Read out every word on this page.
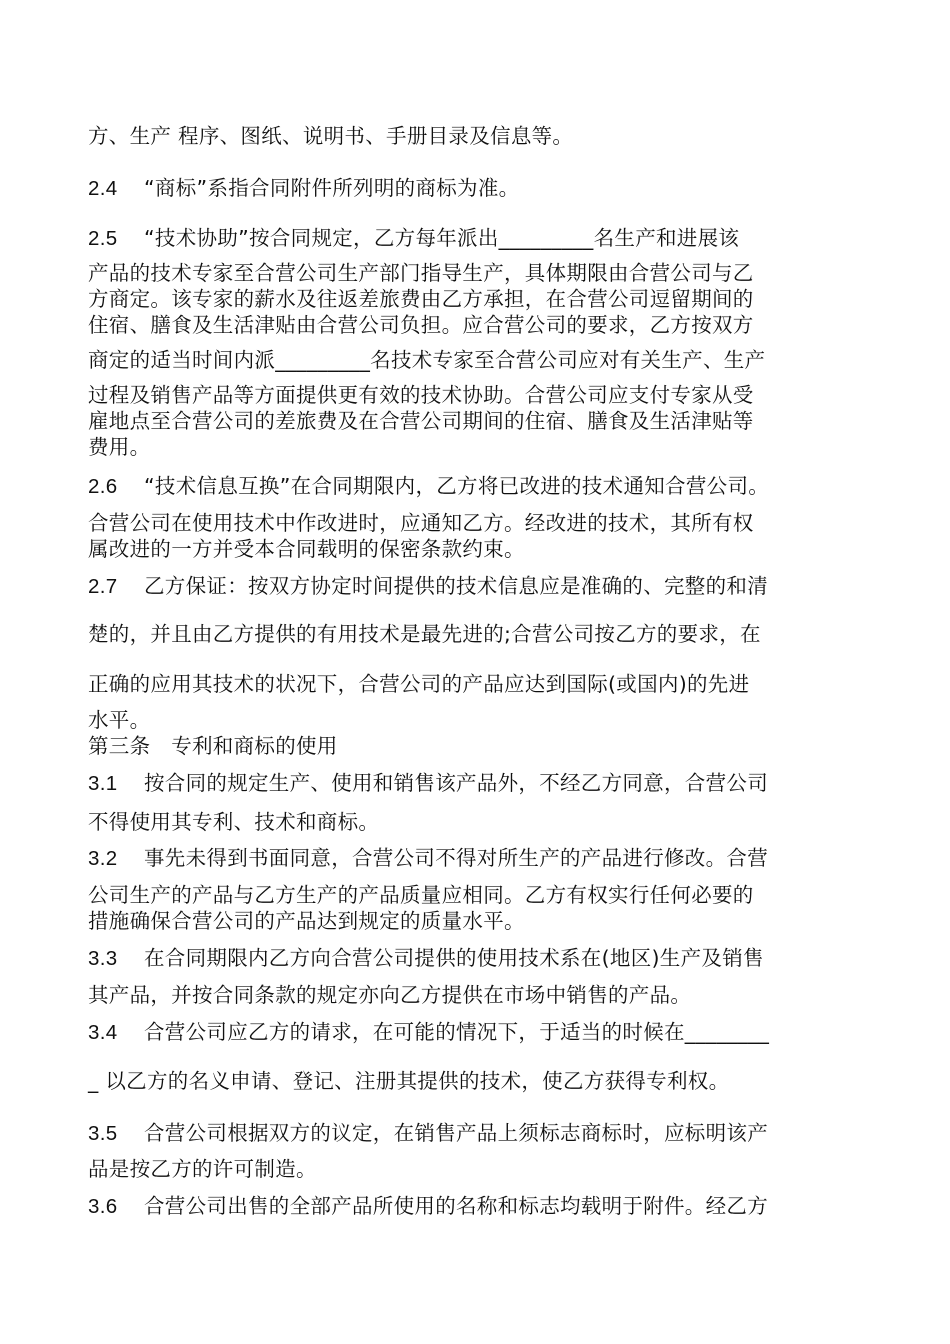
方、生产 程序、图纸、说明书、手册目录及信息等。
2.4 “商标”系指合同附件所列明的商标为准。
2.5 “技术协助”按合同规定，乙方每年派出_________名生产和进展该
产品的技术专家至合营公司生产部门指导生产，具体期限由合营公司与乙
方商定。该专家的薪水及往返差旅费由乙方承担，在合营公司逗留期间的
住宿、膳食及生活津贴由合营公司负担。应合营公司的要求，乙方按双方
商定的适当时间内派_________名技术专家至合营公司应对有关生产、生产
过程及销售产品等方面提供更有效的技术协助。合营公司应支付专家从受
雇地点至合营公司的差旅费及在合营公司期间的住宿、膳食及生活津贴等
费用。
2.6 “技术信息互换”在合同期限内，乙方将已改进的技术通知合营公司。
合营公司在使用技术中作改进时，应通知乙方。经改进的技术，其所有权
属改进的一方并受本合同载明的保密条款约束。
2.7 乙方保证：按双方协定时间提供的技术信息应是准确的、完整的和清
楚的，并且由乙方提供的有用技术是最先进的;合营公司按乙方的要求，在
正确的应用其技术的状况下，合营公司的产品应达到国际(或国内)的先进
水平。
第三条　专利和商标的使用
3.1 按合同的规定生产、使用和销售该产品外，不经乙方同意，合营公司
不得使用其专利、技术和商标。
3.2 事先未得到书面同意，合营公司不得对所生产的产品进行修改。合营
公司生产的产品与乙方生产的产品质量应相同。乙方有权实行任何必要的
措施确保合营公司的产品达到规定的质量水平。
3.3 在合同期限内乙方向合营公司提供的使用技术系在(地区)生产及销售
其产品，并按合同条款的规定亦向乙方提供在市场中销售的产品。
3.4 合营公司应乙方的请求，在可能的情况下，于适当的时候在________
_ 以乙方的名义申请、登记、注册其提供的技术，使乙方获得专利权。
3.5 合营公司根据双方的议定，在销售产品上须标志商标时，应标明该产
品是按乙方的许可制造。
3.6 合营公司出售的全部产品所使用的名称和标志均载明于附件。经乙方
